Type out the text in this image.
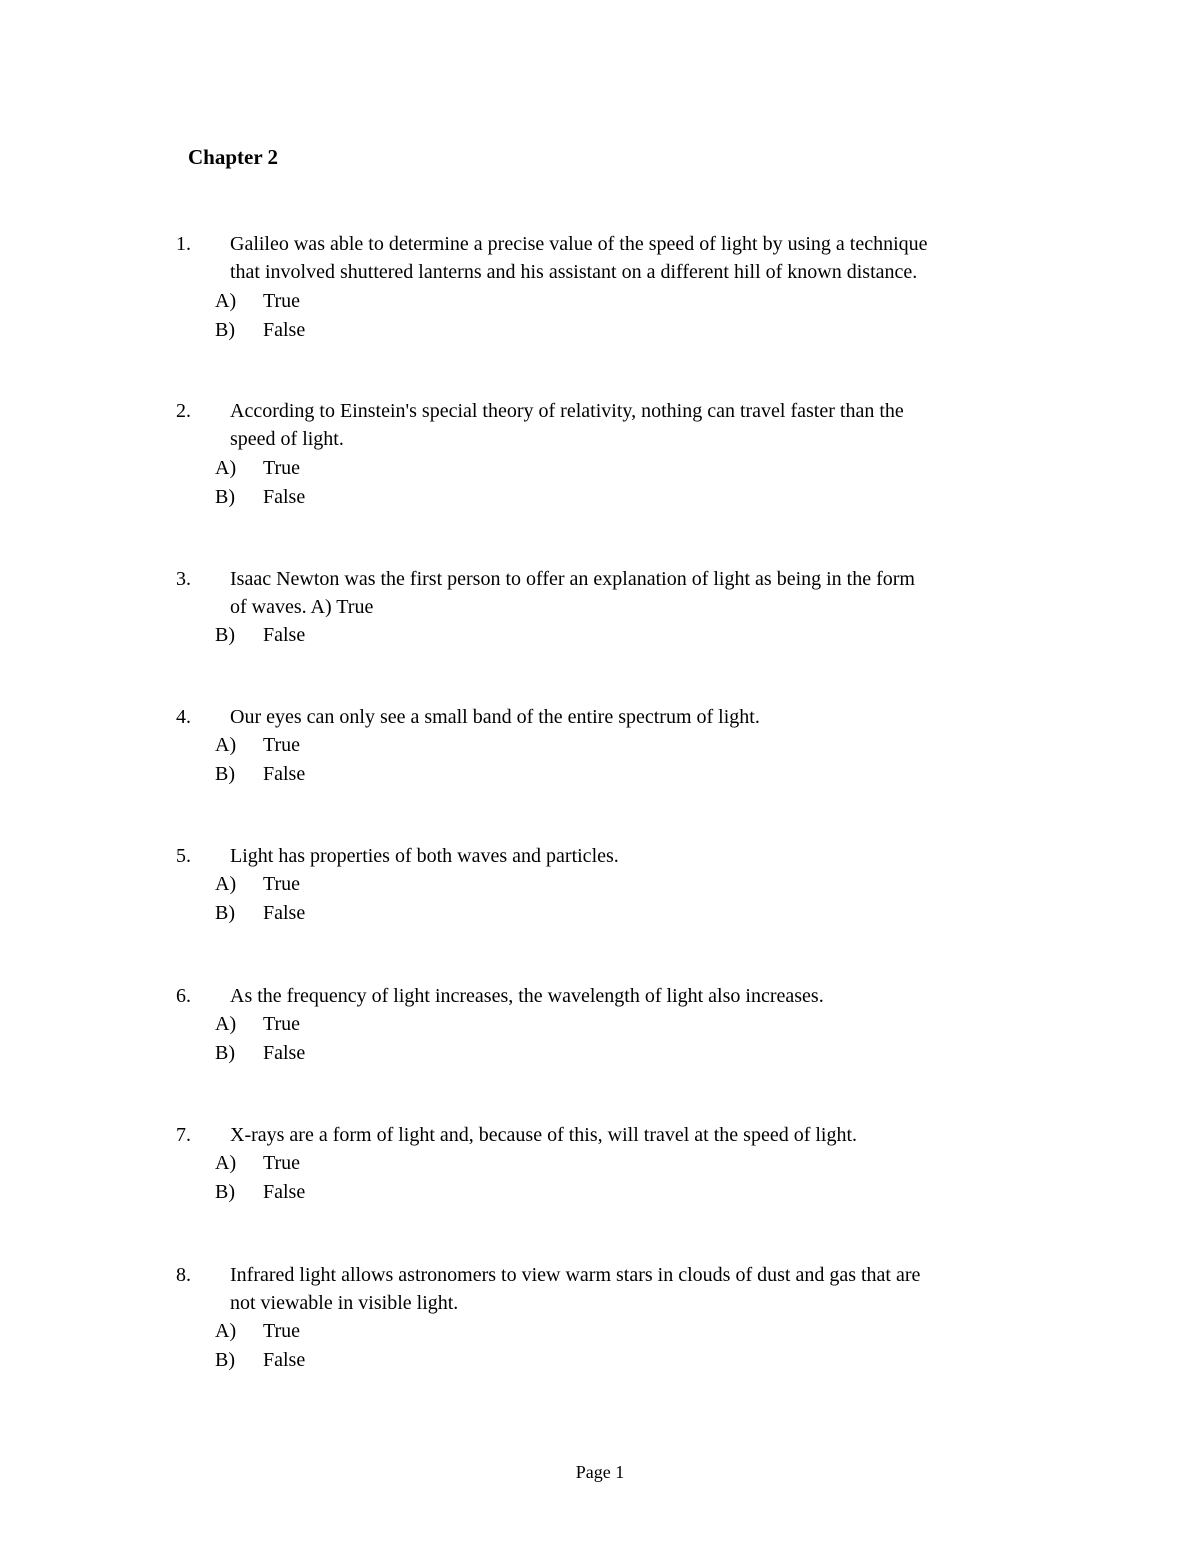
Chapter 2
1. Galileo was able to determine a precise value of the speed of light by using a technique
that involved shuttered lanterns and his assistant on a different hill of known distance.

A) True
B) False
2. According to Einstein's special theory of relativity, nothing can travel faster than the
speed of light.

A) True
B) False
3. Isaac Newton was the first person to offer an explanation of light as being in the form
of waves. A) True

B) False
4. Our eyes can only see a small band of the entire spectrum of light.

A) True
B) False
5. Light has properties of both waves and particles.

A) True
B) False
6. As the frequency of light increases, the wavelength of light also increases.

A) True
B) False
7. X-rays are a form of light and, because of this, will travel at the speed of light.

A) True
B) False
8. Infrared light allows astronomers to view warm stars in clouds of dust and gas that are
not viewable in visible light.

A) True
B) False
Page 1
